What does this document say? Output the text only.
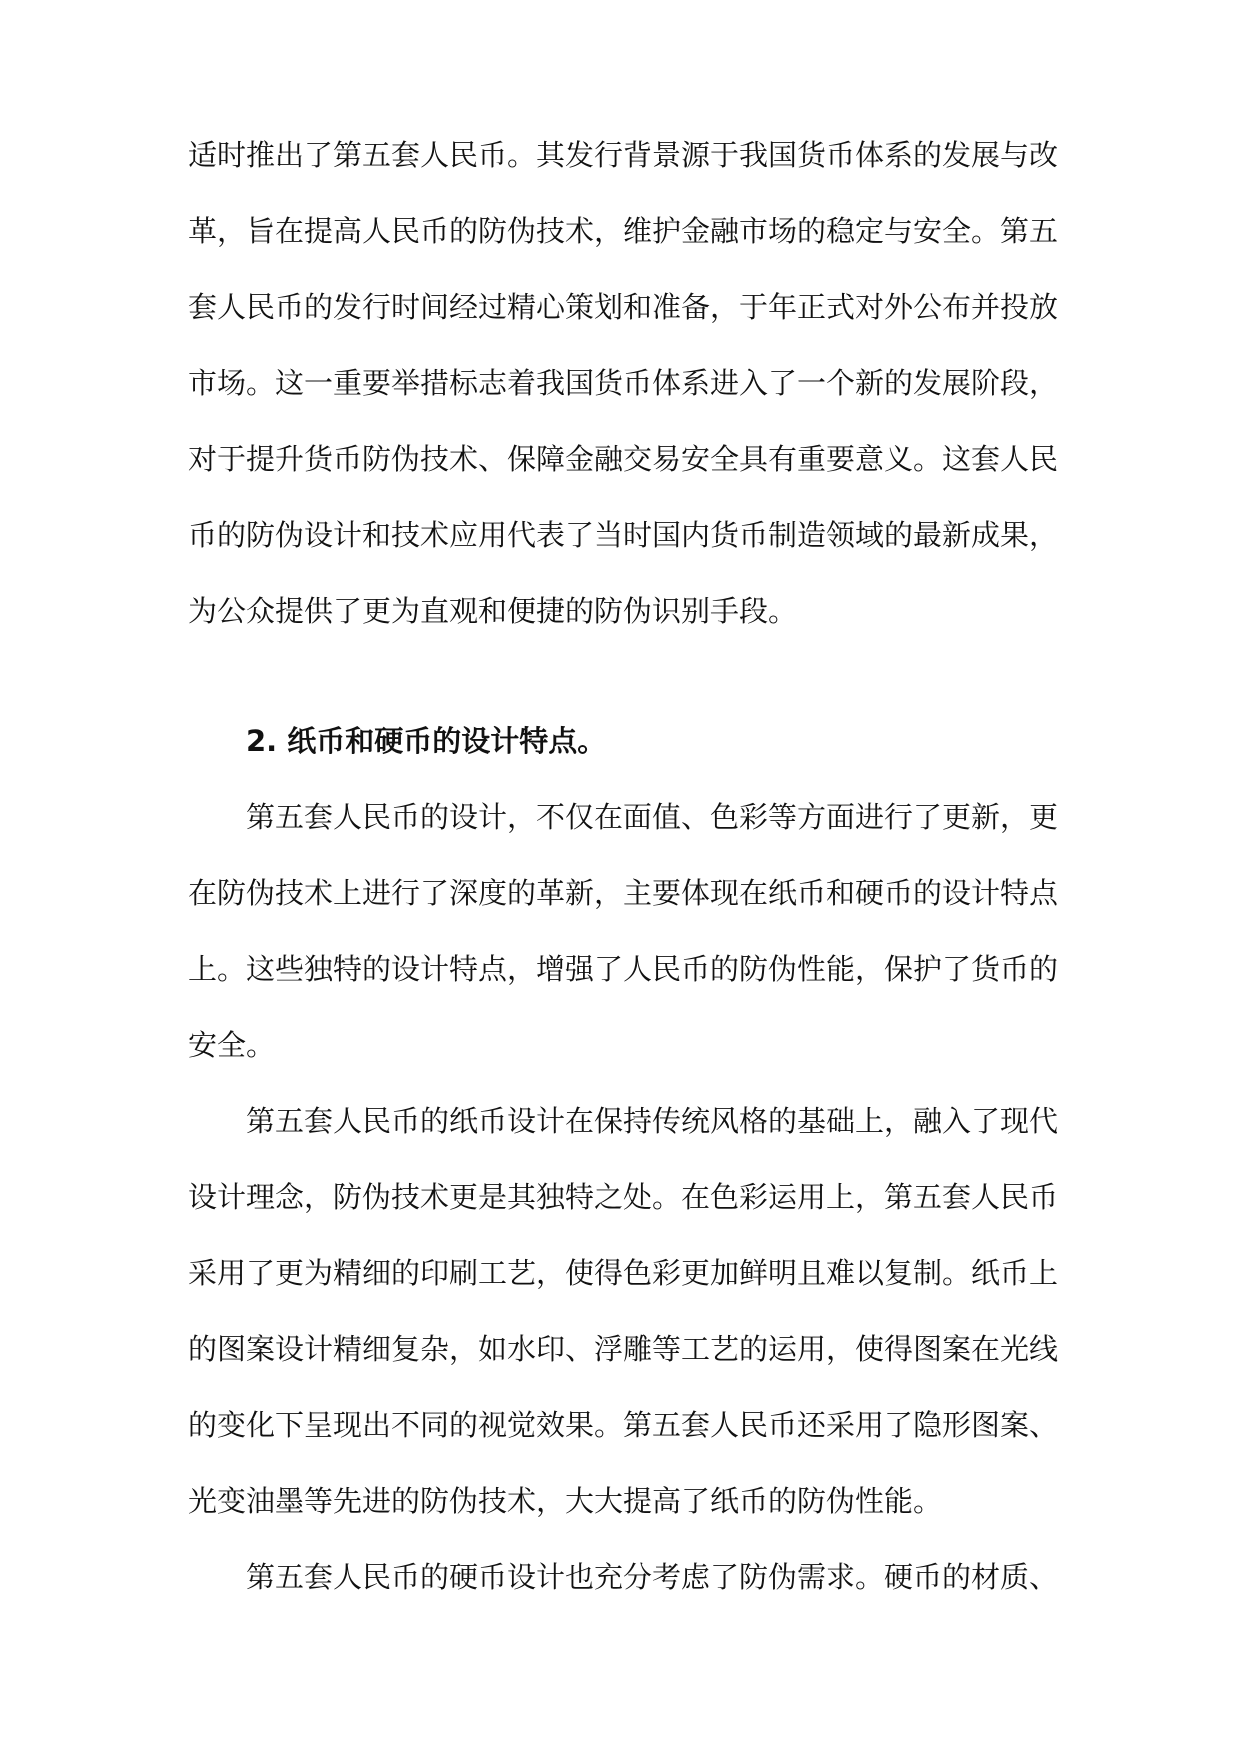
适时推出了第五套人民币。其发行背景源于我国货币体系的发展与改革，旨在提高人民币的防伪技术，维护金融市场的稳定与安全。第五套人民币的发行时间经过精心策划和准备，于年正式对外公布并投放市场。这一重要举措标志着我国货币体系进入了一个新的发展阶段，对于提升货币防伪技术、保障金融交易安全具有重要意义。这套人民币的防伪设计和技术应用代表了当时国内货币制造领域的最新成果，为公众提供了更为直观和便捷的防伪识别手段。

2. 纸币和硬币的设计特点。

第五套人民币的设计，不仅在面值、色彩等方面进行了更新，更在防伪技术上进行了深度的革新，主要体现在纸币和硬币的设计特点上。这些独特的设计特点，增强了人民币的防伪性能，保护了货币的安全。

第五套人民币的纸币设计在保持传统风格的基础上，融入了现代设计理念，防伪技术更是其独特之处。在色彩运用上，第五套人民币采用了更为精细的印刷工艺，使得色彩更加鲜明且难以复制。纸币上的图案设计精细复杂，如水印、浮雕等工艺的运用，使得图案在光线的变化下呈现出不同的视觉效果。第五套人民币还采用了隐形图案、光变油墨等先进的防伪技术，大大提高了纸币的防伪性能。

第五套人民币的硬币设计也充分考虑了防伪需求。硬币的材质、
